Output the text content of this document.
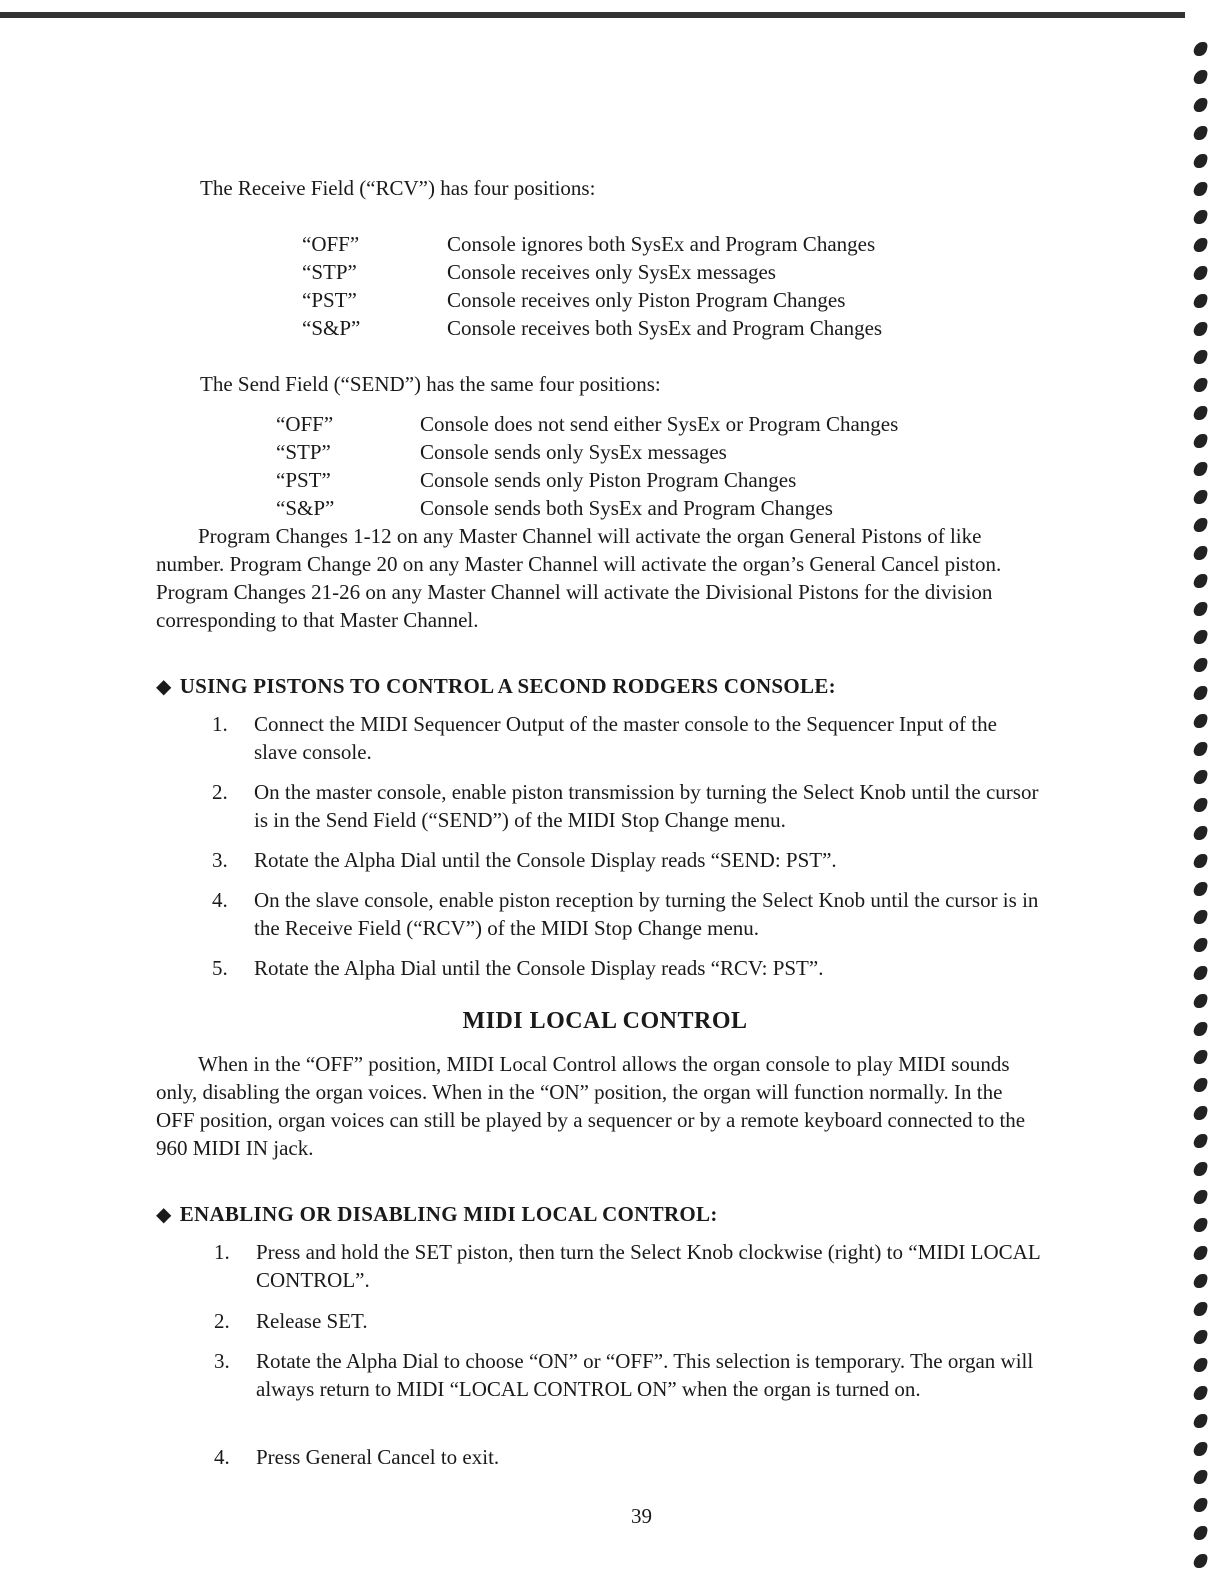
The Receive Field (“RCV”) has four positions:
“OFF”	Console ignores both SysEx and Program Changes
“STP”	Console receives only SysEx messages
“PST”	Console receives only Piston Program Changes
“S&P”	Console receives both SysEx and Program Changes
The Send Field (“SEND”) has the same four positions:
“OFF”	Console does not send either SysEx or Program Changes
“STP”	Console sends only SysEx messages
“PST”	Console sends only Piston Program Changes
“S&P”	Console sends both SysEx and Program Changes
Program Changes 1-12 on any Master Channel will activate the organ General Pistons of like number. Program Change 20 on any Master Channel will activate the organ’s General Cancel piston. Program Changes 21-26 on any Master Channel will activate the Divisional Pistons for the division corresponding to that Master Channel.
◆ USING PISTONS TO CONTROL A SECOND RODGERS CONSOLE:
1. Connect the MIDI Sequencer Output of the master console to the Sequencer Input of the slave console.
2. On the master console, enable piston transmission by turning the Select Knob until the cursor is in the Send Field (“SEND”) of the MIDI Stop Change menu.
3. Rotate the Alpha Dial until the Console Display reads “SEND: PST”.
4. On the slave console, enable piston reception by turning the Select Knob until the cursor is in the Receive Field (“RCV”) of the MIDI Stop Change menu.
5. Rotate the Alpha Dial until the Console Display reads “RCV: PST”.
MIDI LOCAL CONTROL
When in the “OFF” position, MIDI Local Control allows the organ console to play MIDI sounds only, disabling the organ voices. When in the “ON” position, the organ will function normally. In the OFF position, organ voices can still be played by a sequencer or by a remote keyboard connected to the 960 MIDI IN jack.
◆ ENABLING OR DISABLING MIDI LOCAL CONTROL:
1. Press and hold the SET piston, then turn the Select Knob clockwise (right) to “MIDI LOCAL CONTROL”.
2. Release SET.
3. Rotate the Alpha Dial to choose “ON” or “OFF”. This selection is temporary. The organ will always return to MIDI “LOCAL CONTROL ON” when the organ is turned on.
4. Press General Cancel to exit.
39
